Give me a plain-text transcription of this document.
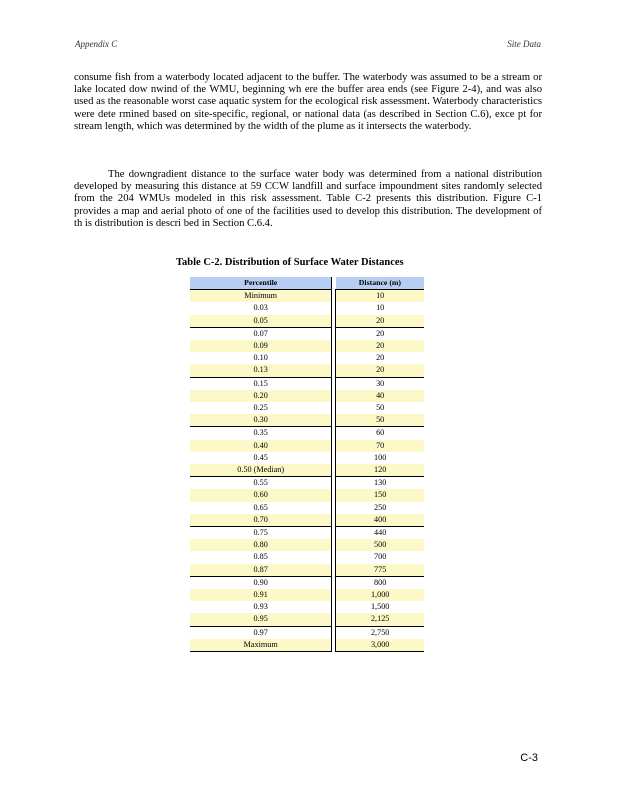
Appendix C	Site Data

consume fish from a waterbody located adjacent to the buffer. The waterbody was assumed to be a stream or lake located dow nwind of the WMU, beginning wh ere the buffer area ends (see Figure 2-4), and was also used as the reasonable worst case aquatic system for the ecological risk assessment. Waterbody characteristics were dete rmined based on site-specific, regional, or national data (as described in Section C.6), exce pt for stream length, which was determined by the width of the plume as it intersects the waterbody.

The downgradient distance to the surface water body was determined from a national distribution developed by measuring this distance at 59 CCW landfill and surface impoundment sites randomly selected from the 204 WMUs modeled in this risk assessment. Table C-2 presents this distribution. Figure C-1 provides a map and aerial photo of one of the facilities used to develop this distribution. The development of th is distribution is descri bed in Section C.6.4.

Table C-2. Distribution of Surface Water Distances
Percentile		Distance (m)
Minimum		10
0.03		10
0.05		20
0.07		20
0.09		20
0.10		20
0.13		20
0.15		30
0.20		40
0.25		50
0.30		50
0.35		60
0.40		70
0.45		100
0.50 (Median)		120
0.55		130
0.60		150
0.65		250
0.70		400
0.75		440
0.80		500
0.85		700
0.87		775
0.90		800
0.91		1,000
0.93		1,500
0.95		2,125
0.97		2,750
Maximum		3,000
C-3
